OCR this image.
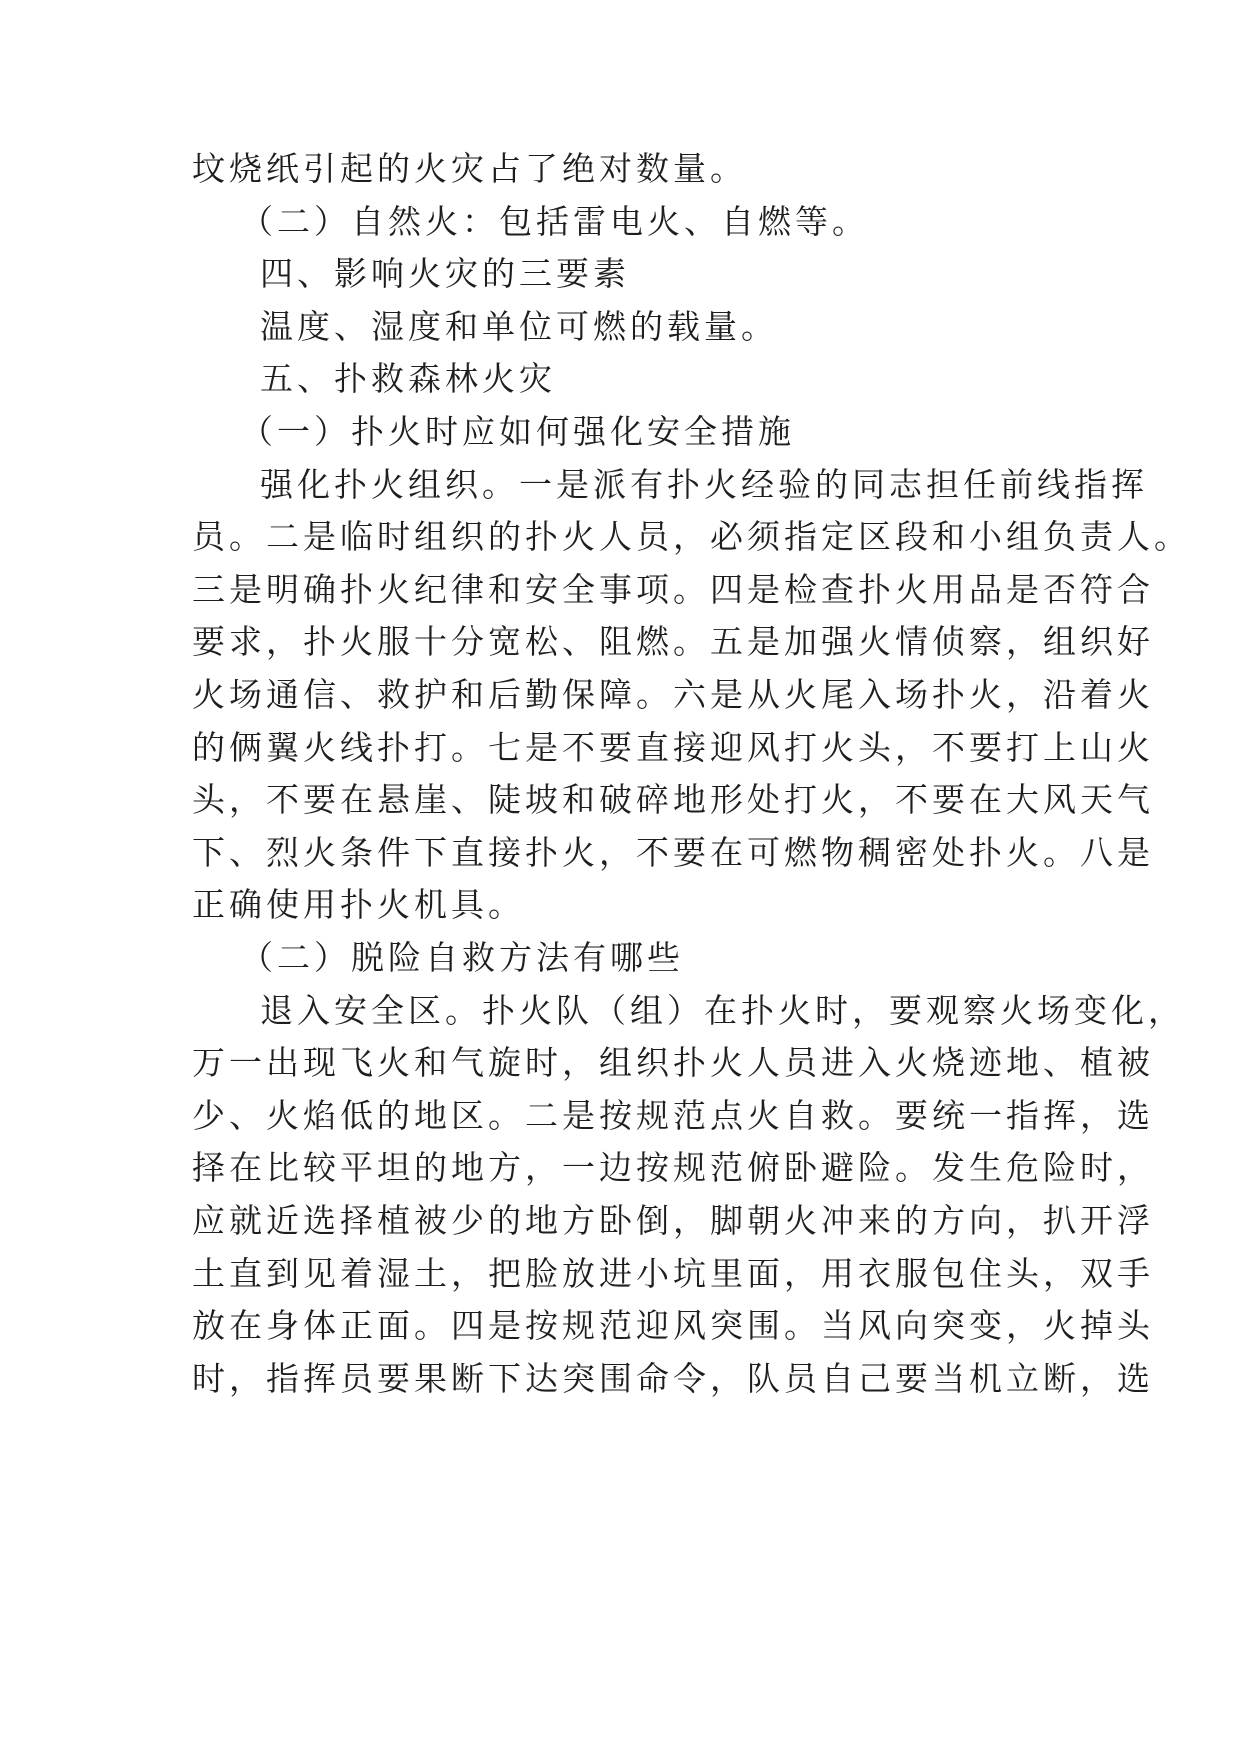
坟烧纸引起的火灾占了绝对数量。
（二）自然火：包括雷电火、自燃等。
四、影响火灾的三要素
温度、湿度和单位可燃的载量。
五、扑救森林火灾
（一）扑火时应如何强化安全措施
强化扑火组织。一是派有扑火经验的同志担任前线指挥
员。二是临时组织的扑火人员，必须指定区段和小组负责人。
三是明确扑火纪律和安全事项。四是检查扑火用品是否符合
要求，扑火服十分宽松、阻燃。五是加强火情侦察，组织好
火场通信、救护和后勤保障。六是从火尾入场扑火，沿着火
的俩翼火线扑打。七是不要直接迎风打火头，不要打上山火
头，不要在悬崖、陡坡和破碎地形处打火，不要在大风天气
下、烈火条件下直接扑火，不要在可燃物稠密处扑火。八是
正确使用扑火机具。
（二）脱险自救方法有哪些
退入安全区。扑火队（组）在扑火时，要观察火场变化，
万一出现飞火和气旋时，组织扑火人员进入火烧迹地、植被
少、火焰低的地区。二是按规范点火自救。要统一指挥，选
择在比较平坦的地方，一边按规范俯卧避险。发生危险时，
应就近选择植被少的地方卧倒，脚朝火冲来的方向，扒开浮
土直到见着湿土，把脸放进小坑里面，用衣服包住头，双手
放在身体正面。四是按规范迎风突围。当风向突变，火掉头
时，指挥员要果断下达突围命令，队员自己要当机立断，选
